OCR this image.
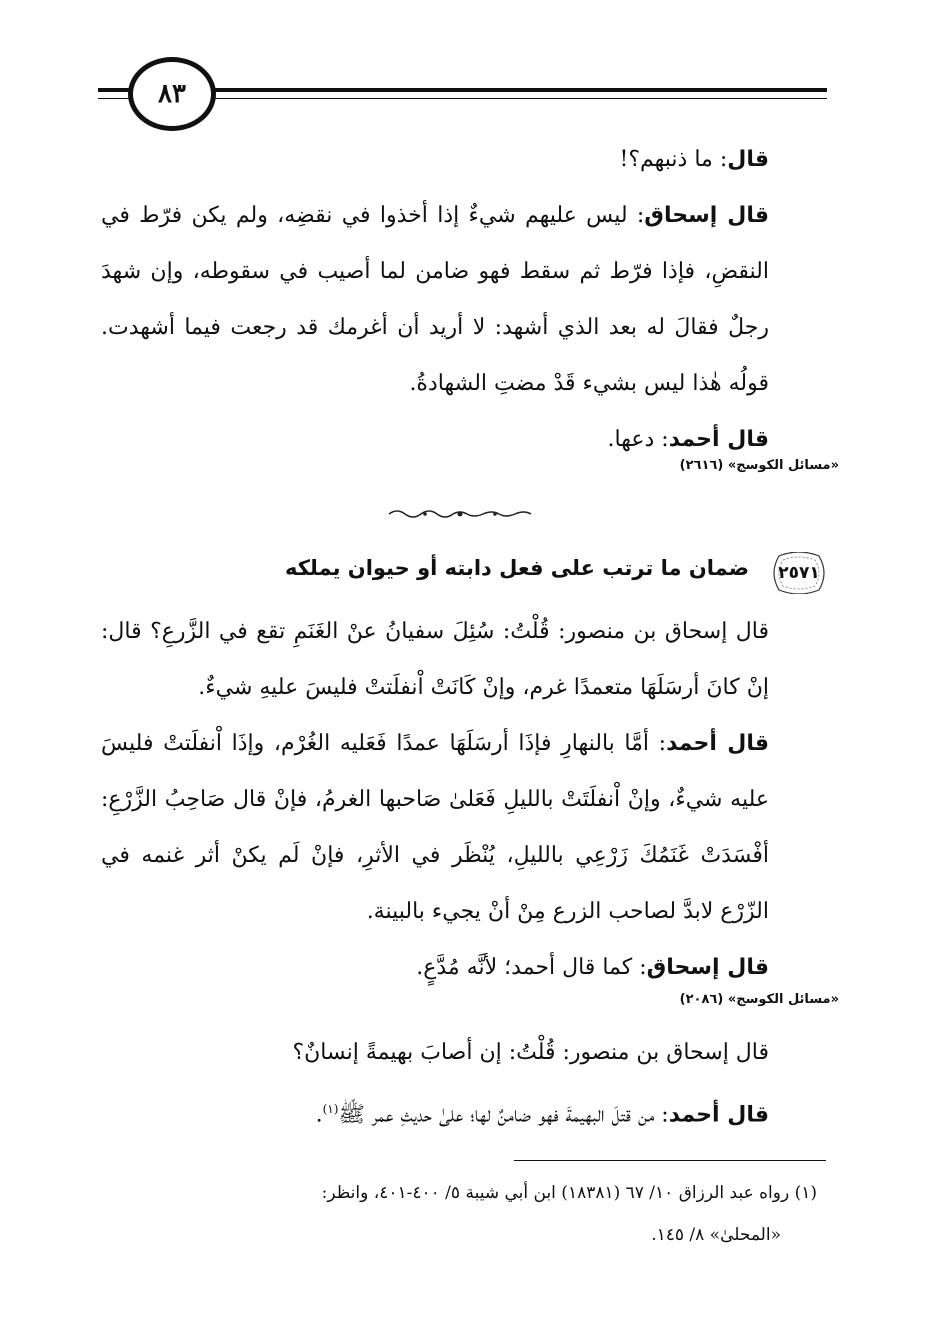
٨٣

قال: ما ذنبهم؟!

قال إسحاق: ليس عليهم شيءٌ إذا أخذوا في نقضِه، ولم يكن فرّط في النقضِ، فإذا فرّط ثم سقط فهو ضامن لما أصيب في سقوطه، وإن شهدَ رجلٌ فقالَ له بعد الذي أشهد: لا أريد أن أغرمك قد رجعت فيما أشهدت. قولُه هٰذا ليس بشيء قَدْ مضتِ الشهادةُ.

قال أحمد: دعها.

«مسائل الكوسج» (٢٦١٦)
٢٥٧١
ضمان ما ترتب على فعل دابته أو حيوان يملكه

قال إسحاق بن منصور: قُلْتُ: سُئِلَ سفيانُ عنْ الغَنَمِ تقع في الزَّرعِ؟ قال: إنْ كانَ أرسَلَهَا متعمدًا غرم، وإنْ كَانَتْ اْنفلَتتْ فليسَ عليهِ شيءٌ.

قال أحمد: أمَّا بالنهارِ فإذَا أرسَلَهَا عمدًا فَعَليه الغُرْم، وإذَا اْنفلَتتْ فليسَ عليه شيءٌ، وإنْ اْنفلَتَتْ بالليلِ فَعَلىٰ صَاحبها الغرمُ، فإنْ قال صَاحِبُ الزَّرْعِ: أفْسَدَتْ غَنَمُكَ زَرْعِي بالليلِ، يُنْظَر في الأثرِ، فإنْ لَم يكنْ أثر غنمه في الزّرْع لابدَّ لصاحب الزرع مِنْ أنْ يجيء بالبينة.

قال إسحاق: كما قال أحمد؛ لأنَّه مُدَّعٍ.

«مسائل الكوسج» (٢٠٨٦)

قال إسحاق بن منصور: قُلْتُ: إن أصابَ بهيمةً إنسانٌ؟

قال أحمد: من قتلَ البهيمةَ فهو ضامنٌ لها؛ علىٰ حديثِ عمر ﷺ$^{(١)}$.

(١) رواه عبد الرزاق ١٠/ ٦٧ (١٨٣٨١) ابن أبي شيبة ٥/ ٤٠٠-٤٠١، وانظر:

«المحلىٰ» ٨/ ١٤٥.
